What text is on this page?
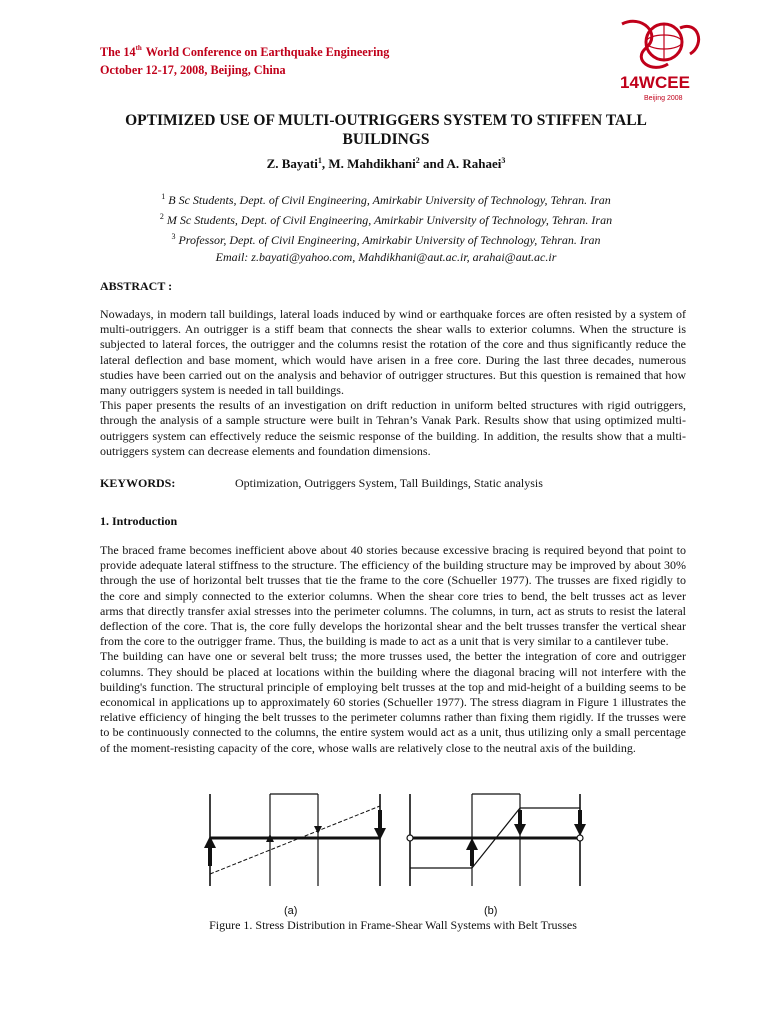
The 14th World Conference on Earthquake Engineering
October 12-17, 2008, Beijing, China
14WCEE
Beijing 2008
OPTIMIZED USE OF MULTI-OUTRIGGERS SYSTEM TO STIFFEN TALL
BUILDINGS
Z. Bayati$^1$, M. Mahdikhani$^2$ and A. Rahaei$^3$
$^1$ B Sc Students, Dept. of Civil Engineering, Amirkabir University of Technology, Tehran. Iran
$^2$ M Sc Students, Dept. of Civil Engineering, Amirkabir University of Technology, Tehran. Iran
$^3$ Professor, Dept. of Civil Engineering, Amirkabir University of Technology, Tehran. Iran
Email: z.bayati@yahoo.com, Mahdikhani@aut.ac.ir, arahai@aut.ac.ir
ABSTRACT :
Nowadays, in modern tall buildings, lateral loads induced by wind or earthquake forces are often resisted by a system of multi-outriggers. An outrigger is a stiff beam that connects the shear walls to exterior columns. When the structure is subjected to lateral forces, the outrigger and the columns resist the rotation of the core and thus significantly reduce the lateral deflection and base moment, which would have arisen in a free core. During the last three decades, numerous studies have been carried out on the analysis and behavior of outrigger structures. But this question is remained that how many outriggers system is needed in tall buildings.
This paper presents the results of an investigation on drift reduction in uniform belted structures with rigid outriggers, through the analysis of a sample structure were built in Tehran’s Vanak Park. Results show that using optimized multi-outriggers system can effectively reduce the seismic response of the building. In addition, the results show that a multi-outriggers system can decrease elements and foundation dimensions.
KEYWORDS:	Optimization, Outriggers System, Tall Buildings, Static analysis
1. Introduction
The braced frame becomes inefficient above about 40 stories because excessive bracing is required beyond that point to provide adequate lateral stiffness to the structure. The efficiency of the building structure may be improved by about 30% through the use of horizontal belt trusses that tie the frame to the core (Schueller 1977). The trusses are fixed rigidly to the core and simply connected to the exterior columns. When the shear core tries to bend, the belt trusses act as lever arms that directly transfer axial stresses into the perimeter columns. The columns, in turn, act as struts to resist the lateral deflection of the core. That is, the core fully develops the horizontal shear and the belt trusses transfer the vertical shear from the core to the outrigger frame. Thus, the building is made to act as a unit that is very similar to a cantilever tube.
The building can have one or several belt truss; the more trusses used, the better the integration of core and outrigger columns. They should be placed at locations within the building where the diagonal bracing will not interfere with the building's function. The structural principle of employing belt trusses at the top and mid-height of a building seems to be economical in applications up to approximately 60 stories (Schueller 1977). The stress diagram in Figure 1 illustrates the relative efficiency of hinging the belt trusses to the perimeter columns rather than fixing them rigidly. If the trusses were to be continuously connected to the columns, the entire system would act as a unit, thus utilizing only a small percentage of the moment-resisting capacity of the core, whose walls are relatively close to the neutral axis of the building.
(a)	(b)
Figure 1. Stress Distribution in Frame-Shear Wall Systems with Belt Trusses
